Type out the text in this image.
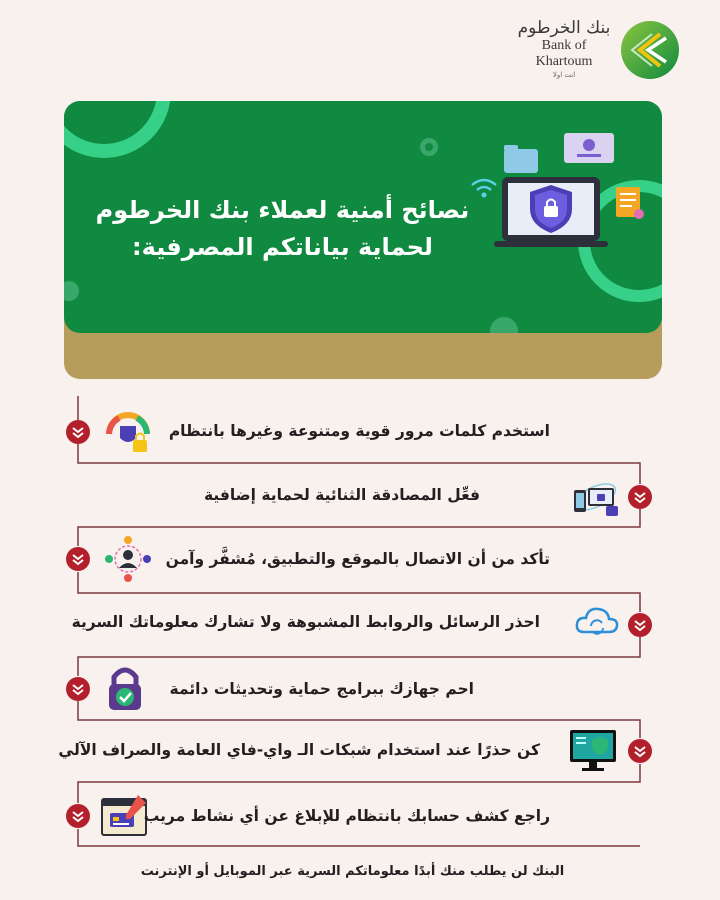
بنك الخرطوم
Bank of Khartoum
انت اولا
نصائح أمنية لعملاء بنك الخرطوم
لحماية بياناتكم المصرفية:
استخدم كلمات مرور قوية ومتنوعة وغيرها بانتظام
فعِّل المصادقة الثنائية لحماية إضافية
تأكد من أن الاتصال بالموقع والتطبيق، مُشفَّر وآمن
احذر الرسائل والروابط المشبوهة ولا تشارك معلوماتك السرية
احم جهازك ببرامج حماية وتحديثات دائمة
كن حذرًا عند استخدام شبكات الـ واي-فاي العامة والصراف الآلي
راجع كشف حسابك بانتظام للإبلاغ عن أي نشاط مريب
البنك لن يطلب منك أبدًا معلوماتكم السرية عبر الموبايل أو الإنترنت
